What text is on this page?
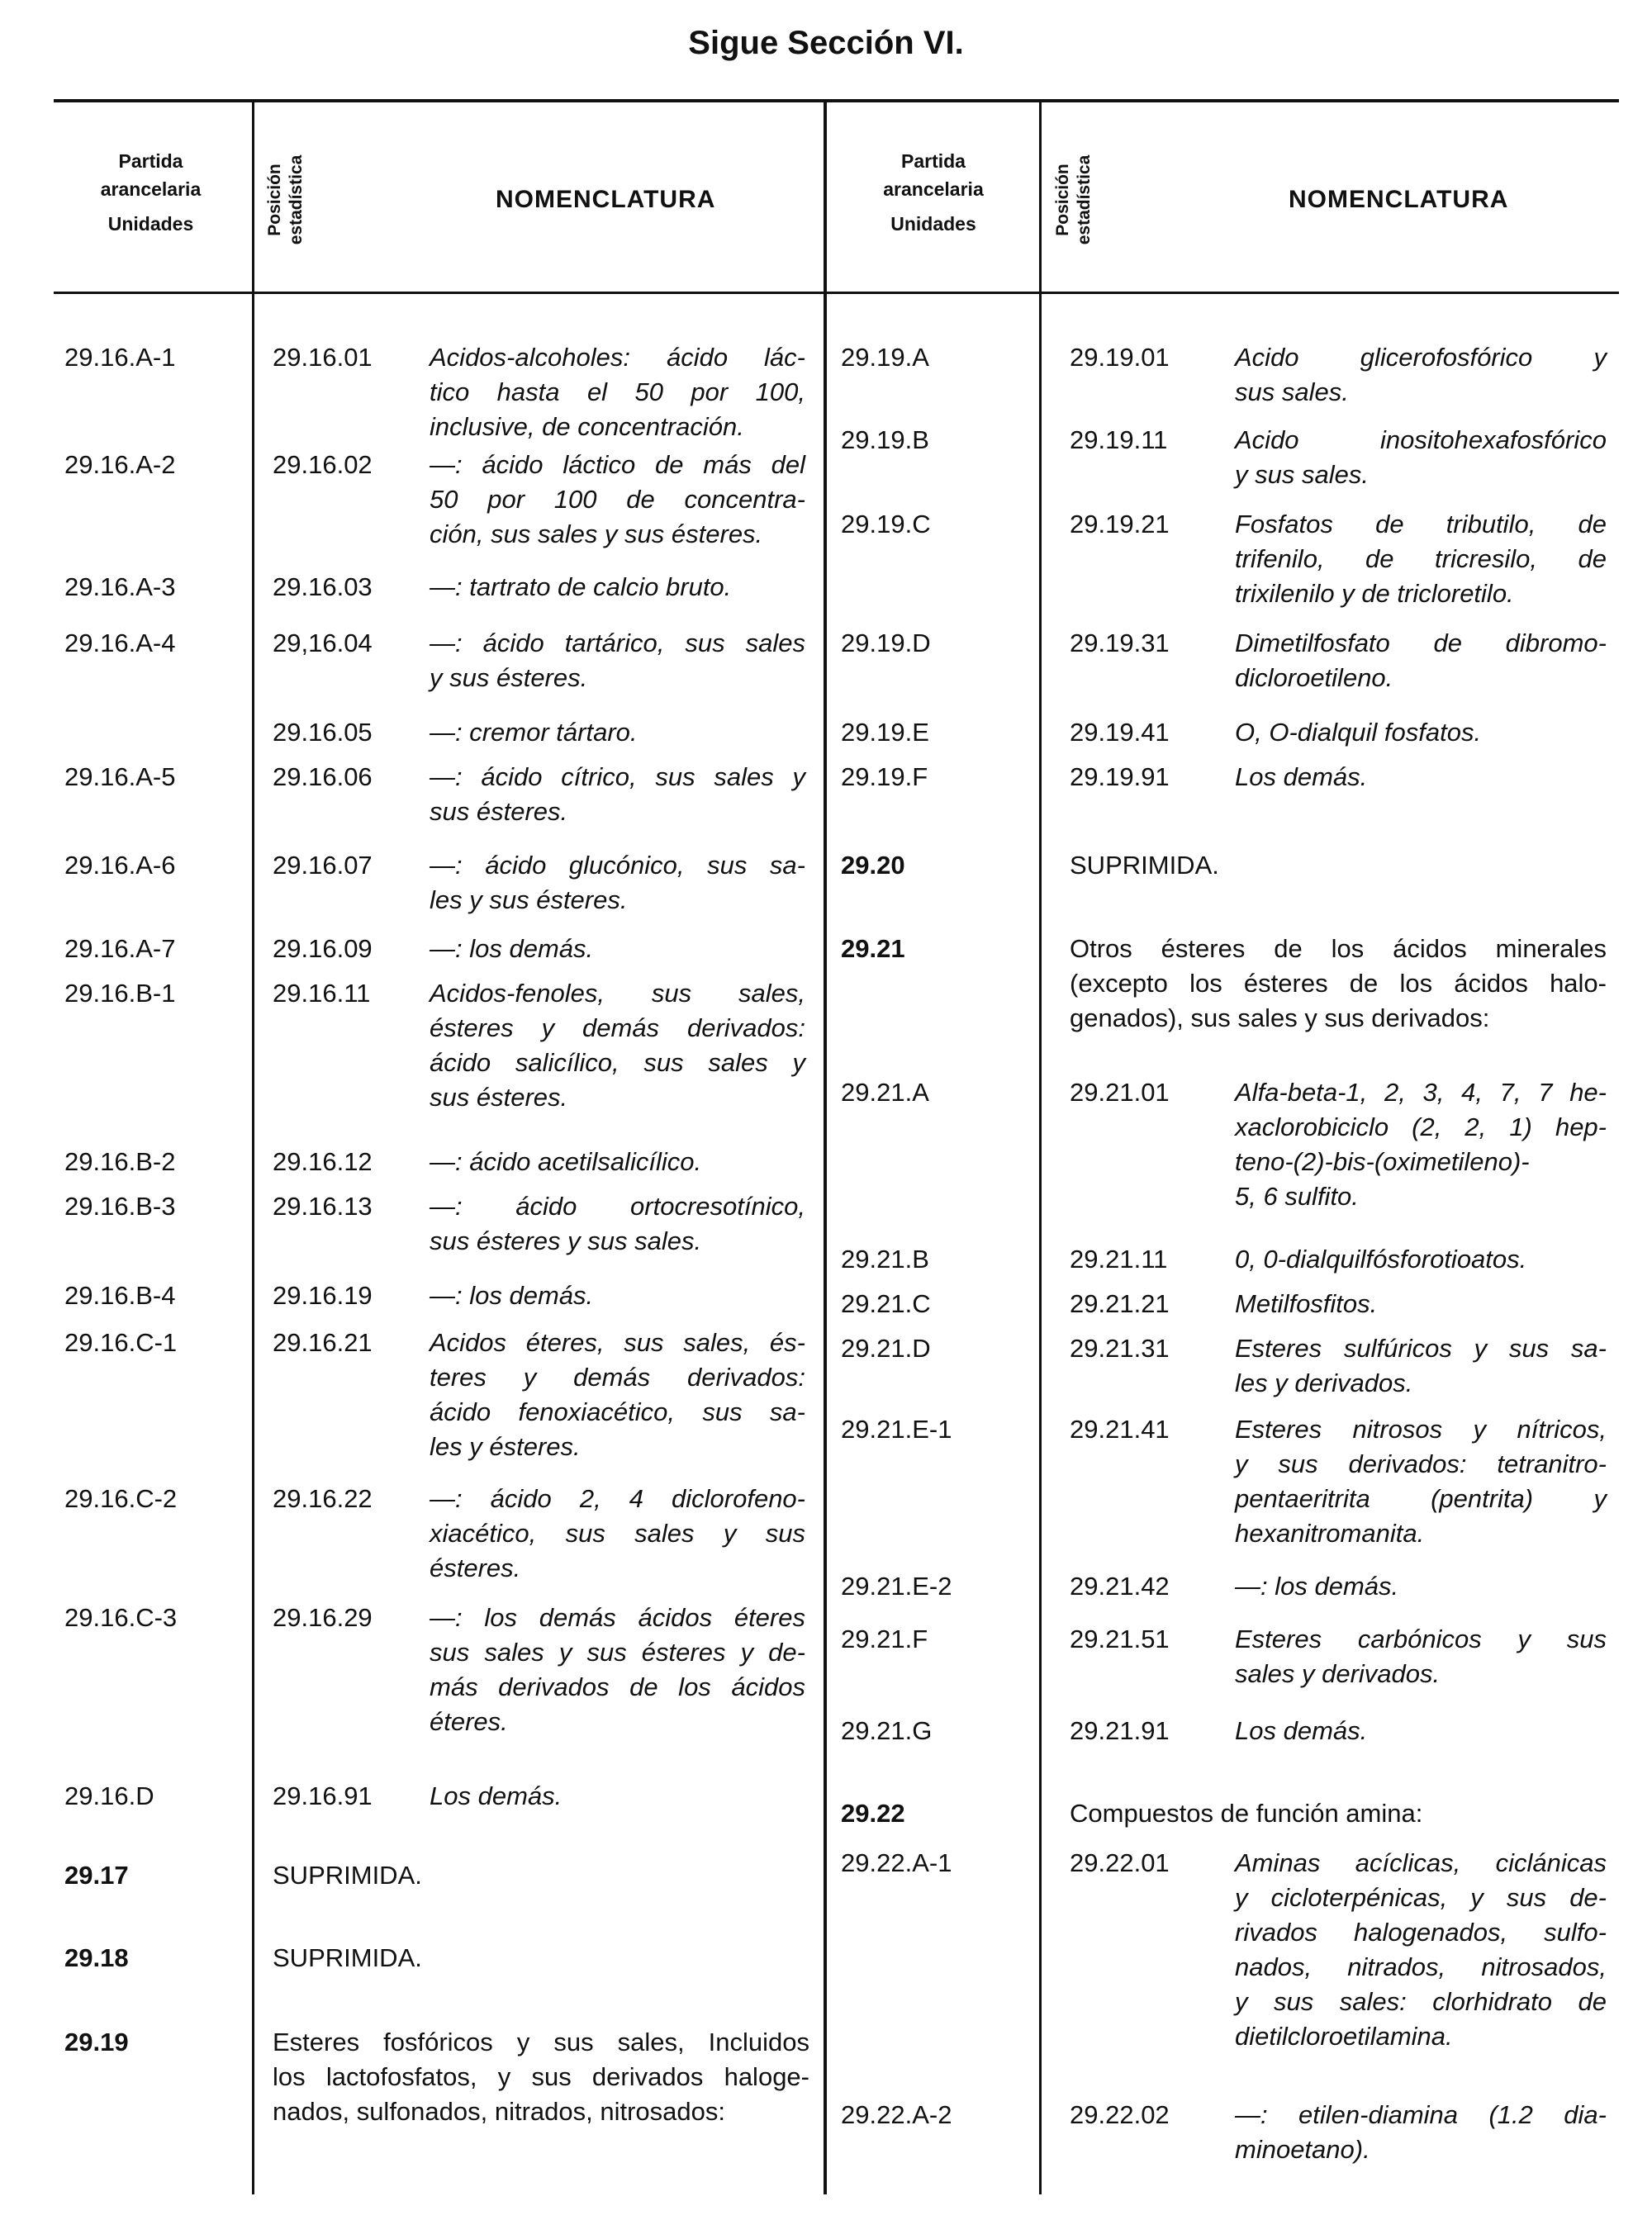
Sigue Sección VI.
Partida
arancelaria
Unidades	Posición estadística	NOMENCLATURA
Partida
arancelaria
Unidades	Posición estadística	NOMENCLATURA
29.16.A-1	29.16.01 Acidos-alcoholes: ácido lác-
tico hasta el 50 por 100,
inclusive, de concentración.
29.16.A-2	29.16.02 —: ácido láctico de más del
50 por 100 de concentra-
ción, sus sales y sus ésteres.
29.16.A-3	29.16.03 —: tartrato de calcio bruto.
29.16.A-4	29,16.04 —: ácido tartárico, sus sales
y sus ésteres.
29.16.05 —: cremor tártaro.
29.16.A-5	29.16.06 —: ácido cítrico, sus sales y
sus ésteres.
29.16.A-6	29.16.07 —: ácido glucónico, sus sa-
les y sus ésteres.
29.16.A-7	29.16.09 —: los demás.
29.16.B-1	29.16.11 Acidos-fenoles, sus sales,
ésteres y demás derivados:
ácido salicílico, sus sales y
sus ésteres.
29.16.B-2	29.16.12 —: ácido acetilsalicílico.
29.16.B-3	29.16.13 —: ácido ortocresotínico,
sus ésteres y sus sales.
29.16.B-4	29.16.19 —: los demás.
29.16.C-1	29.16.21 Acidos éteres, sus sales, és-
teres y demás derivados:
ácido fenoxiacético, sus sa-
les y ésteres.
29.16.C-2	29.16.22 —: ácido 2, 4 diclorofeno-
xiacético, sus sales y sus
ésteres.
29.16.C-3	29.16.29 —: los demás ácidos éteres
sus sales y sus ésteres y de-
más derivados de los ácidos
éteres.
29.16.D	29.16.91 Los demás.
29.17	SUPRIMIDA.
29.18	SUPRIMIDA.
29.19	Esteres fosfóricos y sus sales, Incluidos
los lactofosfatos, y sus derivados haloge-
nados, sulfonados, nitrados, nitrosados:
29.19.A	29.19.01	Acido glicerofosfórico y
sus sales.
29.19.B	29.19.11	Acido inositohexafosfórico
y sus sales.
29.19.C	29.19.21	Fosfatos de tributilo, de
trifenilo, de tricresilo, de
trixilenilo y de tricloretilo.
29.19.D	29.19.31	Dimetilfosfato de dibromo-
dicloroetileno.
29.19.E	29.19.41	O, O-dialquil fosfatos.
29.19.F	29.19.91	Los demás.
29.20	SUPRIMIDA.
29.21	Otros ésteres de los ácidos minerales
(excepto los ésteres de los ácidos halo-
genados), sus sales y sus derivados:
29.21.A	29.21.01	Alfa-beta-1, 2, 3, 4, 7, 7 he-
xaclorobiciclo (2, 2, 1) hep-
teno-(2)-bis-(oximetileno)-
5, 6 sulfito.
29.21.B	29.21.11	0, 0-dialquilfósforotioatos.
29.21.C	29.21.21	Metilfosfitos.
29.21.D	29.21.31	Esteres sulfúricos y sus sa-
les y derivados.
29.21.E-1	29.21.41	Esteres nitrosos y nítricos,
y sus derivados: tetranitro-
pentaeritrita (pentrita) y
hexanitromanita.
29.21.E-2	29.21.42	—: los demás.
29.21.F	29.21.51	Esteres carbónicos y sus
sales y derivados.
29.21.G	29.21.91	Los demás.
29.22	Compuestos de función amina:
29.22.A-1	29.22.01	Aminas acíclicas, ciclánicas
y cicloterpénicas, y sus de-
rivados halogenados, sulfo-
nados, nitrados, nitrosados,
y sus sales: clorhidrato de
dietilcloroetilamina.
29.22.A-2	29.22.02	—: etilen-diamina (1.2 dia-
minoetano).
